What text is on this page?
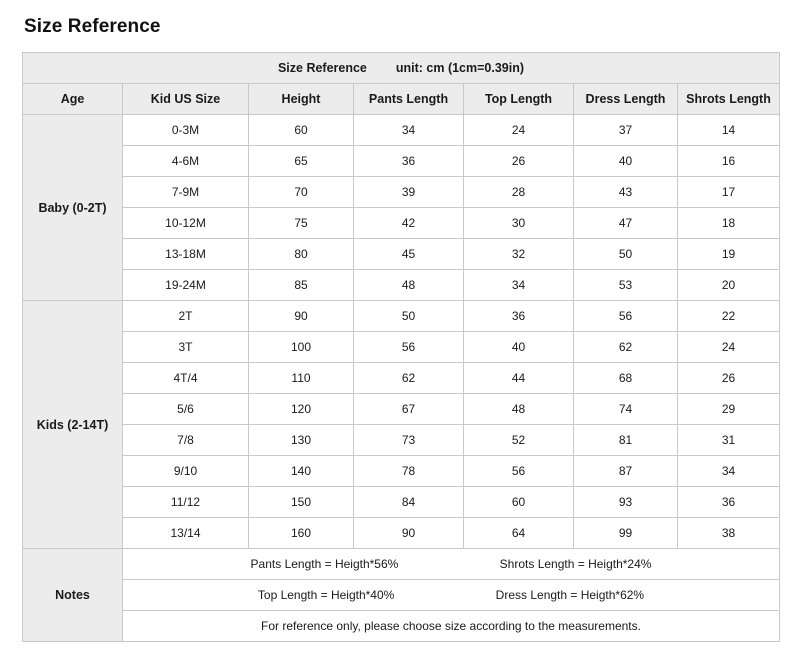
Size Reference
Size Reference unit: cm (1cm=0.39in)						
Age	Kid US Size	Height	Pants Length	Top Length	Dress Length	Shrots Length
Baby (0-2T)	0-3M	60	34	24	37	14
	4-6M	65	36	26	40	16
	7-9M	70	39	28	43	17
	10-12M	75	42	30	47	18
	13-18M	80	45	32	50	19
	19-24M	85	48	34	53	20
Kids (2-14T)	2T	90	50	36	56	22
	3T	100	56	40	62	24
	4T/4	110	62	44	68	26
	5/6	120	67	48	74	29
	7/8	130	73	52	81	31
	9/10	140	78	56	87	34
	11/12	150	84	60	93	36
	13/14	160	90	64	99	38
Notes	Pants Length = Heigth*56% Shrots Length = Heigth*24%					
	Top Length = Heigth*40% Dress Length = Heigth*62%					
	For reference only, please choose size according to the measurements.					
